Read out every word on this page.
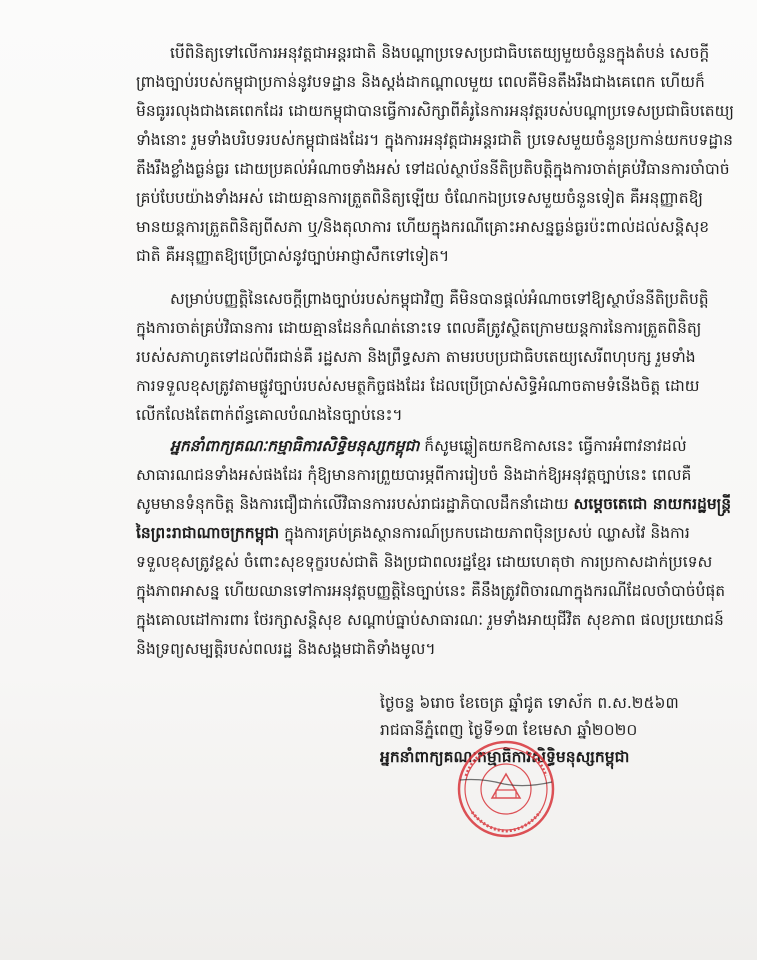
បើពិនិត្យទៅលើការអនុវត្តជាអន្តរជាតិ និងបណ្តាប្រទេសប្រជាធិបតេយ្យមួយចំនួនក្នុងតំបន់ សេចក្តី
ព្រាងច្បាប់របស់កម្ពុជាប្រកាន់នូវបទដ្ឋាន និងស្តង់ដាកណ្តាលមួយ ពេលគឺមិនតឹងរឹងជាងគេពេក ហើយក៏
មិនធូររលុងជាងគេពេកដែរ ដោយកម្ពុជាបានធ្វើការសិក្សាពីគំរូនៃការអនុវត្តរបស់បណ្តាប្រទេសប្រជាធិបតេយ្យ
ទាំងនោះ រួមទាំងបរិបទរបស់កម្ពុជាផងដែរ។ ក្នុងការអនុវត្តជាអន្តរជាតិ ប្រទេសមួយចំនួនប្រកាន់យកបទដ្ឋាន
តឹងរឹងខ្លាំងធ្ងន់ធ្ងរ ដោយប្រគល់អំណាចទាំងអស់ ទៅដល់ស្ថាប័ននីតិប្រតិបត្តិក្នុងការចាត់គ្រប់វិធានការចាំបាច់
គ្រប់បែបយ៉ាងទាំងអស់ ដោយគ្មានការត្រួតពិនិត្យឡើយ ចំណែកឯប្រទេសមួយចំនួនទៀត គឺអនុញ្ញាតឱ្យ
មានយន្តការត្រួតពិនិត្យពីសភា ឬ/និងតុលាការ ហើយក្នុងករណីគ្រោះអាសន្នធ្ងន់ធ្ងរប៉ះពាល់ដល់សន្តិសុខ
ជាតិ គឺអនុញ្ញាតឱ្យប្រើប្រាស់នូវច្បាប់អាជ្ញាសឹកទៅទៀត។
សម្រាប់បញ្ញត្តិនៃសេចក្តីព្រាងច្បាប់របស់កម្ពុជាវិញ គឺមិនបានផ្តល់អំណាចទៅឱ្យស្ថាប័ននីតិប្រតិបត្តិ
ក្នុងការចាត់គ្រប់វិធានការ ដោយគ្មានដែនកំណត់នោះទេ ពេលគឺត្រូវស្ថិតក្រោមយន្តការនៃការត្រួតពិនិត្យ
របស់សភាហូតទៅដល់ពីរជាន់គឺ រដ្ឋសភា និងព្រឹទ្ធសភា តាមរបបប្រជាធិបតេយ្យសេរីពហុបក្ស រួមទាំង
ការទទួលខុសត្រូវតាមផ្លូវច្បាប់របស់សមត្ថកិច្ចផងដែរ ដែលប្រើប្រាស់សិទ្ធិអំណាចតាមទំនើងចិត្ត ដោយ
លើកលែងតែពាក់ព័ន្ធគោលបំណងនៃច្បាប់នេះ។
អ្នកនាំពាក្យគណៈកម្មាធិការសិទ្ធិមនុស្សកម្ពុជា ក៏សូមឆ្លៀតយកឱកាសនេះ ធ្វើការអំពាវនាវដល់
សាធារណជនទាំងអស់ផងដែរ កុំឱ្យមានការព្រួយបារម្ភពីការរៀបចំ និងដាក់ឱ្យអនុវត្តច្បាប់នេះ ពេលគឺ
សូមមានទំនុកចិត្ត និងការជឿជាក់លើវិធានការរបស់រាជរដ្ឋាភិបាលដឹកនាំដោយ សម្តេចតេជោ នាយករដ្ឋមន្ត្រី
នៃព្រះរាជាណាចក្រកម្ពុជា ក្នុងការគ្រប់គ្រងស្ថានការណ៍ប្រកបដោយភាពប៉ិនប្រសប់ ឈ្លាសវៃ និងការ
ទទួលខុសត្រូវខ្ពស់ ចំពោះសុខទុក្ខរបស់ជាតិ និងប្រជាពលរដ្ឋខ្មែរ ដោយហេតុថា ការប្រកាសដាក់ប្រទេស
ក្នុងភាពអាសន្ន ហើយឈានទៅការអនុវត្តបញ្ញត្តិនៃច្បាប់នេះ គឺនឹងត្រូវពិចារណាក្នុងករណីដែលចាំបាច់បំផុត
ក្នុងគោលដៅការពារ ថែរក្សាសន្តិសុខ សណ្តាប់ធ្នាប់សាធារណៈ រួមទាំងអាយុជីវិត សុខភាព ផលប្រយោជន៍
និងទ្រព្យសម្បត្តិរបស់ពលរដ្ឋ និងសង្គមជាតិទាំងមូល។
ថ្ងៃចន្ទ ៦រោច ខែចេត្រ ឆ្នាំជូត ទោស័ក ព.ស.២៥៦៣
រាជធានីភ្នំពេញ ថ្ងៃទី១៣ ខែមេសា ឆ្នាំ២០២០
អ្នកនាំពាក្យគណៈកម្មាធិការសិទ្ធិមនុស្សកម្ពុជា
